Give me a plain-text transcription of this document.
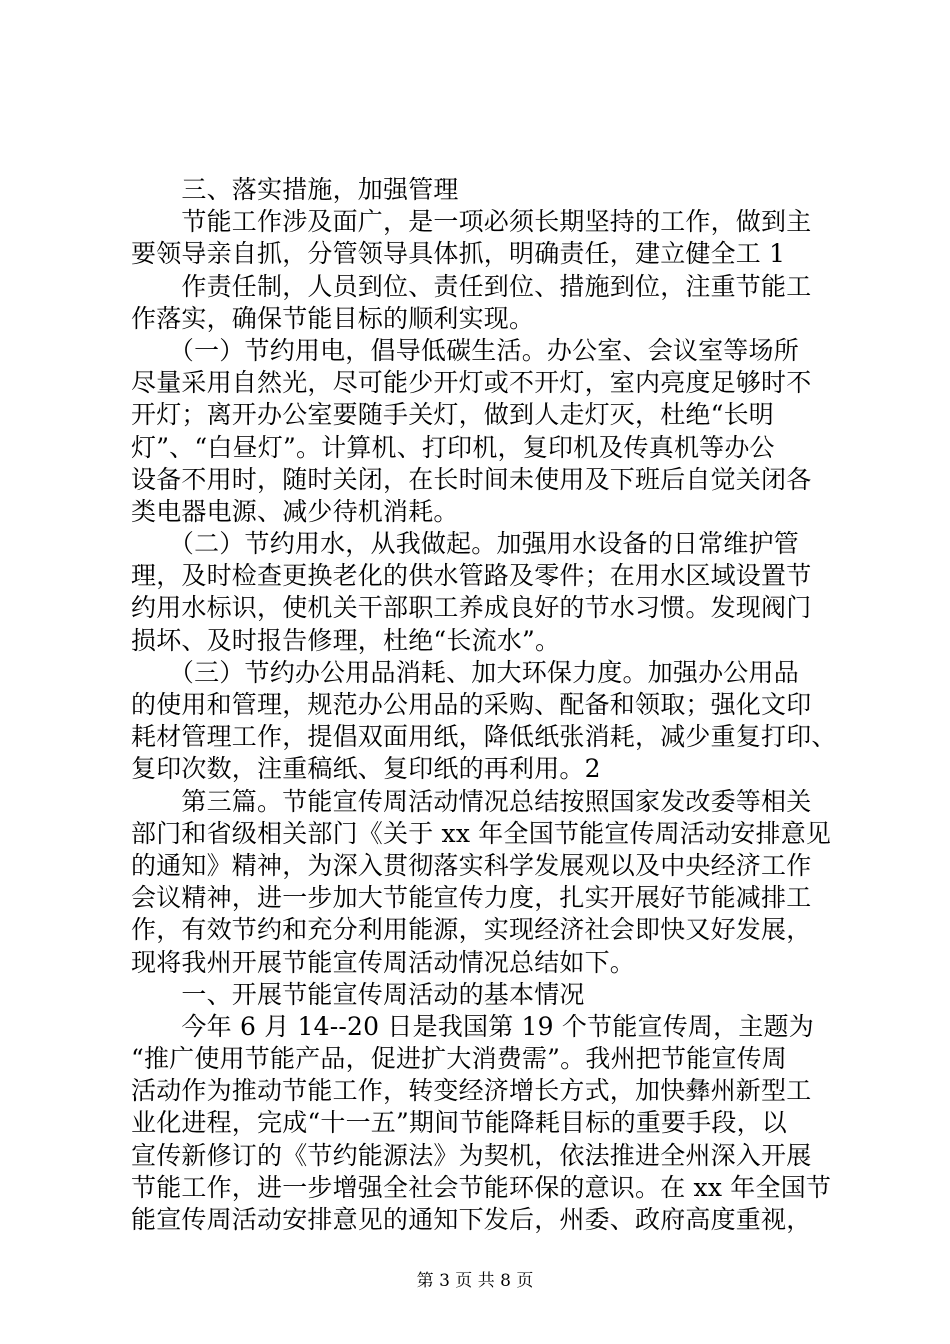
　　三、落实措施，加强管理
　　节能工作涉及面广，是一项必须长期坚持的工作，做到主
要领导亲自抓，分管领导具体抓，明确责任，建立健全工 1
　　作责任制，人员到位、责任到位、措施到位，注重节能工
作落实，确保节能目标的顺利实现。
　　（一）节约用电，倡导低碳生活。办公室、会议室等场所
尽量采用自然光，尽可能少开灯或不开灯，室内亮度足够时不
开灯；离开办公室要随手关灯，做到人走灯灭，杜绝“长明
灯”、“白昼灯”。计算机、打印机，复印机及传真机等办公
设备不用时，随时关闭，在长时间未使用及下班后自觉关闭各
类电器电源、减少待机消耗。
　　（二）节约用水，从我做起。加强用水设备的日常维护管
理，及时检查更换老化的供水管路及零件；在用水区域设置节
约用水标识，使机关干部职工养成良好的节水习惯。发现阀门
损坏、及时报告修理，杜绝“长流水”。
　　（三）节约办公用品消耗、加大环保力度。加强办公用品
的使用和管理，规范办公用品的采购、配备和领取；强化文印
耗材管理工作，提倡双面用纸，降低纸张消耗，减少重复打印、
复印次数，注重稿纸、复印纸的再利用。2
　　第三篇。节能宣传周活动情况总结按照国家发改委等相关
部门和省级相关部门《关于 xx 年全国节能宣传周活动安排意见
的通知》精神，为深入贯彻落实科学发展观以及中央经济工作
会议精神，进一步加大节能宣传力度，扎实开展好节能减排工
作，有效节约和充分利用能源，实现经济社会即快又好发展，
现将我州开展节能宣传周活动情况总结如下。
　　一、开展节能宣传周活动的基本情况
　　今年 6 月 14--20 日是我国第 19 个节能宣传周，主题为
“推广使用节能产品，促进扩大消费需”。我州把节能宣传周
活动作为推动节能工作，转变经济增长方式，加快彝州新型工
业化进程，完成“十一五”期间节能降耗目标的重要手段，以
宣传新修订的《节约能源法》为契机，依法推进全州深入开展
节能工作，进一步增强全社会节能环保的意识。在 xx 年全国节
能宣传周活动安排意见的通知下发后，州委、政府高度重视，
第 3 页 共 8 页
